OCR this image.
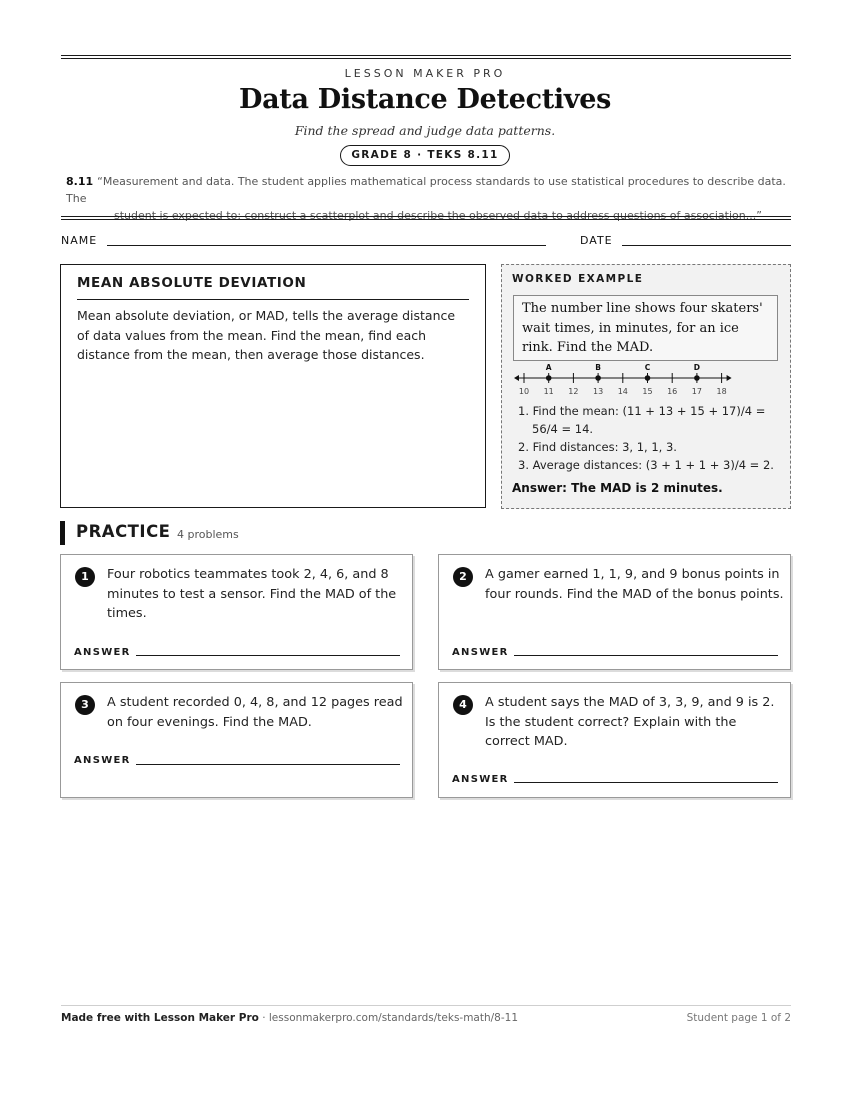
LESSON MAKER PRO
Data Distance Detectives
Find the spread and judge data patterns.
GRADE 8 · TEKS 8.11
8.11 “Measurement and data. The student applies mathematical process standards to use statistical procedures to describe data. The
student is expected to: construct a scatterplot and describe the observed data to address questions of association...”
NAME	DATE
MEAN ABSOLUTE DEVIATION
Mean absolute deviation, or MAD, tells the average distance of data values from the mean. Find the mean, find each distance from the mean, then average those distances.
WORKED EXAMPLE
The number line shows four skaters' wait times, in minutes, for an ice rink. Find the MAD.
10 11 12 13 14 15 16 17 18
A	B	C	D
1. Find the mean: (11 + 13 + 15 + 17)/4 =
56/4 = 14.
2. Find distances: 3, 1, 1, 3.
3. Average distances: (3 + 1 + 1 + 3)/4 = 2.
Answer: The MAD is 2 minutes.
PRACTICE 4 problems
1	Four robotics teammates took 2, 4, 6, and 8 minutes to test a sensor. Find the MAD of the times.
ANSWER
2	A gamer earned 1, 1, 9, and 9 bonus points in four rounds. Find the MAD of the bonus points.
ANSWER
3	A student recorded 0, 4, 8, and 12 pages read on four evenings. Find the MAD.
ANSWER
4	A student says the MAD of 3, 3, 9, and 9 is 2. Is the student correct? Explain with the correct MAD.
ANSWER
Made free with Lesson Maker Pro · lessonmakerpro.com/standards/teks-math/8-11	Student page 1 of 2
